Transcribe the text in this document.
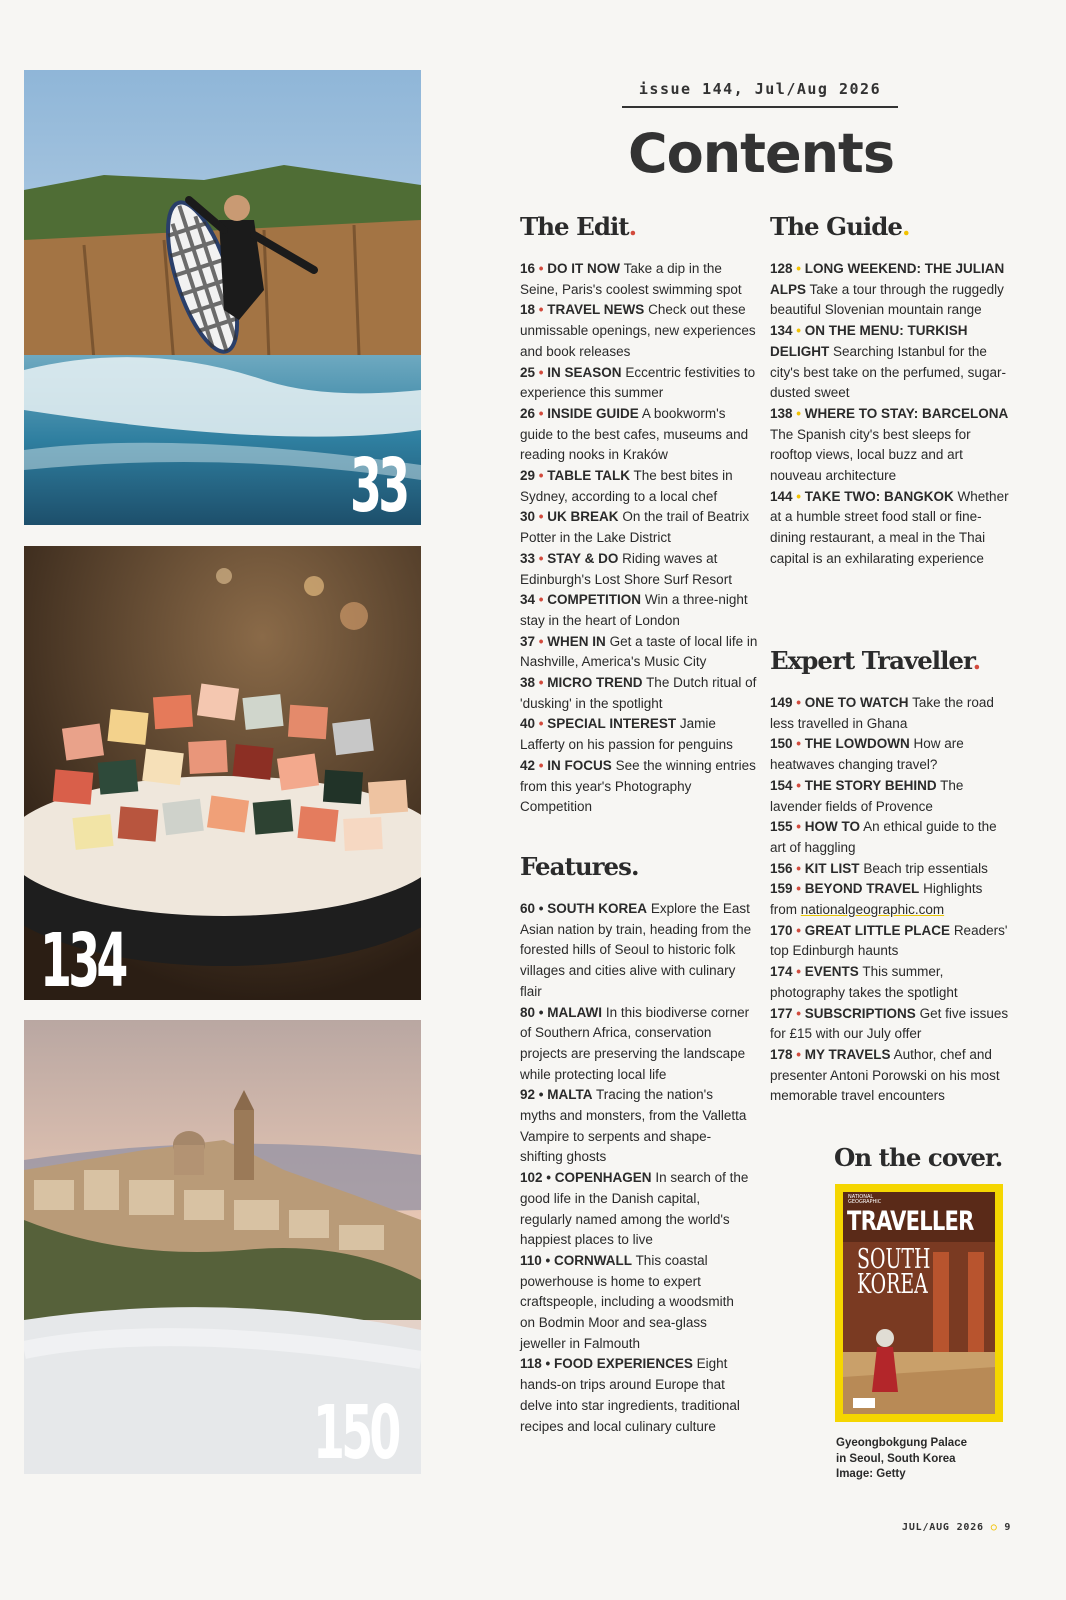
33
134
150
issue 144, Jul/Aug 2026
Contents
The Edit.

16 • DO IT NOW Take a dip in the Seine, Paris's coolest swimming spot

18 • TRAVEL NEWS Check out these unmissable openings, new experiences and book releases

25 • IN SEASON Eccentric festivities to experience this summer

26 • INSIDE GUIDE A bookworm's guide to the best cafes, museums and reading nooks in Kraków

29 • TABLE TALK The best bites in Sydney, according to a local chef

30 • UK BREAK On the trail of Beatrix Potter in the Lake District

33 • STAY & DO Riding waves at Edinburgh's Lost Shore Surf Resort

34 • COMPETITION Win a three-night stay in the heart of London

37 • WHEN IN Get a taste of local life in Nashville, America's Music City

38 • MICRO TREND The Dutch ritual of 'dusking' in the spotlight

40 • SPECIAL INTEREST Jamie Lafferty on his passion for penguins

42 • IN FOCUS See the winning entries from this year's Photography Competition

The Guide.

128 • LONG WEEKEND: THE JULIAN ALPS Take a tour through the ruggedly beautiful Slovenian mountain range

134 • ON THE MENU: TURKISH DELIGHT Searching Istanbul for the city's best take on the perfumed, sugar-dusted sweet

138 • WHERE TO STAY: BARCELONA The Spanish city's best sleeps for rooftop views, local buzz and art nouveau architecture

144 • TAKE TWO: BANGKOK Whether at a humble street food stall or fine-dining restaurant, a meal in the Thai capital is an exhilarating experience

Expert Traveller.

149 • ONE TO WATCH Take the road less travelled in Ghana

150 • THE LOWDOWN How are heatwaves changing travel?

154 • THE STORY BEHIND The lavender fields of Provence

155 • HOW TO An ethical guide to the art of haggling

156 • KIT LIST Beach trip essentials

159 • BEYOND TRAVEL Highlights from nationalgeographic.com

170 • GREAT LITTLE PLACE Readers' top Edinburgh haunts

174 • EVENTS This summer, photography takes the spotlight

177 • SUBSCRIPTIONS Get five issues for £15 with our July offer

178 • MY TRAVELS Author, chef and presenter Antoni Porowski on his most memorable travel encounters

Features.

60 • SOUTH KOREA Explore the East Asian nation by train, heading from the forested hills of Seoul to historic folk villages and cities alive with culinary flair

80 • MALAWI In this biodiverse corner of Southern Africa, conservation projects are preserving the landscape while protecting local life

92 • MALTA Tracing the nation's myths and monsters, from the Valletta Vampire to serpents and shape-shifting ghosts

102 • COPENHAGEN In search of the good life in the Danish capital, regularly named among the world's happiest places to live

110 • CORNWALL This coastal powerhouse is home to expert craftspeople, including a woodsmith on Bodmin Moor and sea-glass jeweller in Falmouth

118 • FOOD EXPERIENCES Eight hands-on trips around Europe that delve into star ingredients, traditional recipes and local culinary culture

On the cover.
NATIONAL GEOGRAPHIC
TRAVELLER
SOUTH
KOREA
Gyeongbokgung Palace
in Seoul, South Korea
Image: Getty
JUL/AUG 2026 ○ 9
